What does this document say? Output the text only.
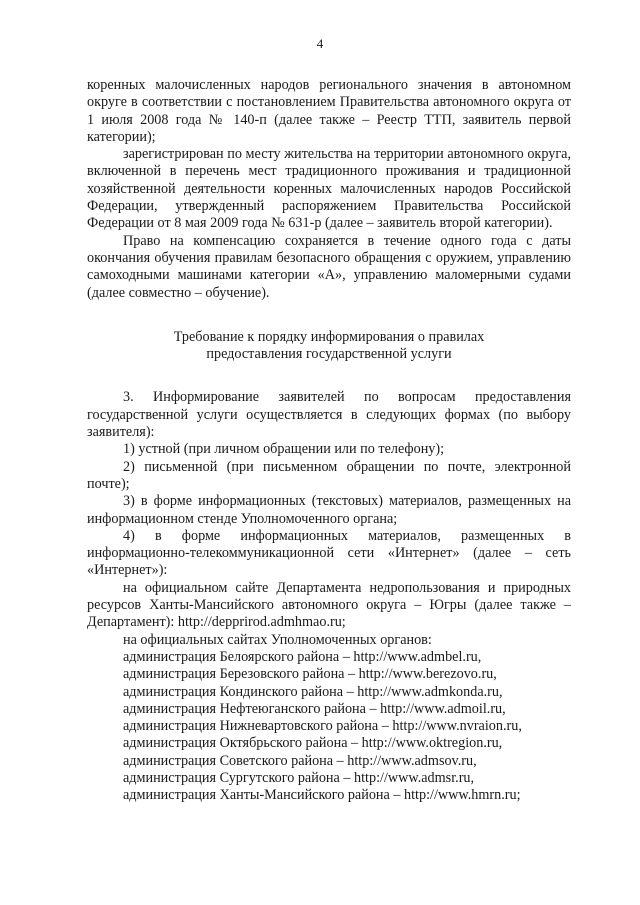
4

коренных малочисленных народов регионального значения в автономном округе в соответствии с постановлением Правительства автономного округа от 1 июля 2008 года № 140-п (далее также – Реестр ТТП, заявитель первой категории);

зарегистрирован по месту жительства на территории автономного округа, включенной в перечень мест традиционного проживания и традиционной хозяйственной деятельности коренных малочисленных народов Российской Федерации, утвержденный распоряжением Правительства Российской Федерации от 8 мая 2009 года № 631-р (далее – заявитель второй категории).

Право на компенсацию сохраняется в течение одного года с даты окончания обучения правилам безопасного обращения с оружием, управлению самоходными машинами категории «А», управлению маломерными судами (далее совместно – обучение).

Требование к порядку информирования о правилах
предоставления государственной услуги

3. Информирование заявителей по вопросам предоставления государственной услуги осуществляется в следующих формах (по выбору заявителя):

1) устной (при личном обращении или по телефону);

2) письменной (при письменном обращении по почте, электронной почте);

3) в форме информационных (текстовых) материалов, размещенных на информационном стенде Уполномоченного органа;

4) в форме информационных материалов, размещенных в информационно-телекоммуникационной сети «Интернет» (далее – сеть «Интернет»):

на официальном сайте Департамента недропользования и природных ресурсов Ханты-Мансийского автономного округа – Югры (далее также – Департамент): http://depprirod.admhmao.ru;

на официальных сайтах Уполномоченных органов:

администрация Белоярского района – http://www.admbel.ru,
администрация Березовского района – http://www.berezovo.ru,
администрация Кондинского района – http://www.admkonda.ru,
администрация Нефтеюганского района – http://www.admoil.ru,
администрация Нижневартовского района – http://www.nvraion.ru,
администрация Октябрьского района – http://www.oktregion.ru,
администрация Советского района – http://www.admsov.ru,
администрация Сургутского района – http://www.admsr.ru,
администрация Ханты-Мансийского района – http://www.hmrn.ru;
